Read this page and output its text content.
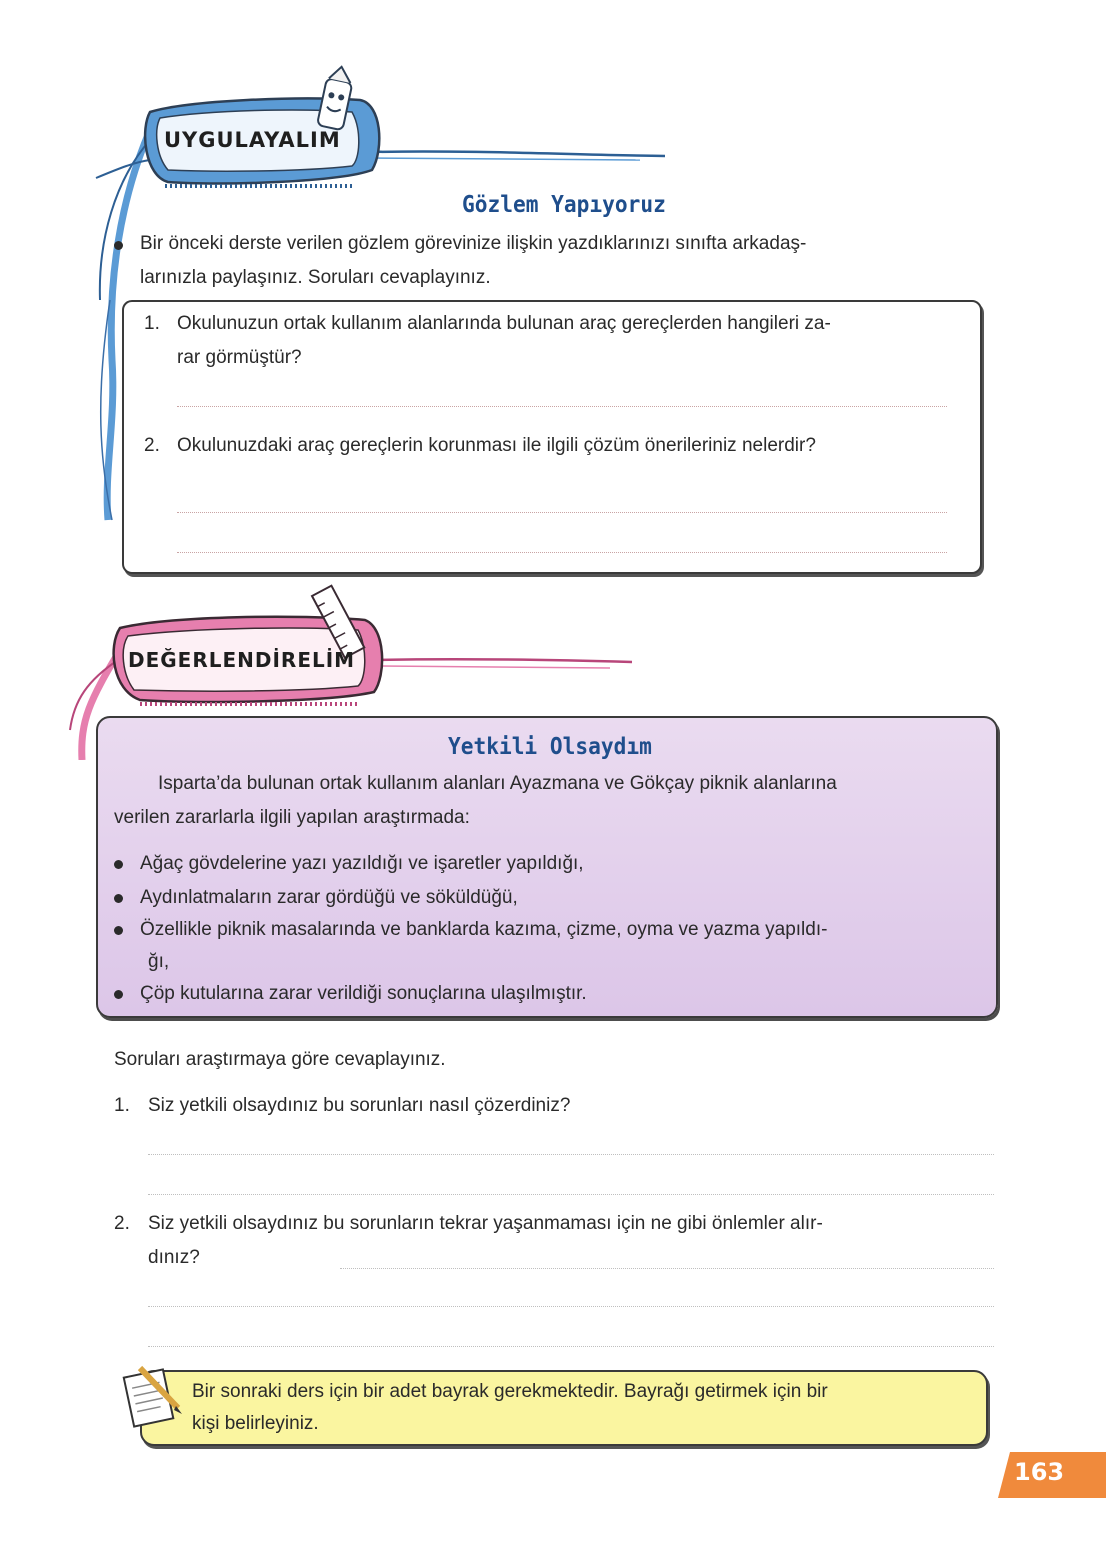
UYGULAYALIM
Gözlem Yapıyoruz
Bir önceki derste verilen gözlem görevinize ilişkin yazdıklarınızı sınıfta arkadaş-
larınızla paylaşınız. Soruları cevaplayınız.
1. Okulunuzun ortak kullanım alanlarında bulunan araç gereçlerden hangileri za-
rar görmüştür?
2. Okulunuzdaki araç gereçlerin korunması ile ilgili çözüm önerileriniz nelerdir?
DEĞERLENDİRELİM
Yetkili Olsaydım
Isparta’da bulunan ortak kullanım alanları Ayazmana ve Gökçay piknik alanlarına
verilen zararlarla ilgili yapılan araştırmada:
Ağaç gövdelerine yazı yazıldığı ve işaretler yapıldığı,
Aydınlatmaların zarar gördüğü ve söküldüğü,
Özellikle piknik masalarında ve banklarda kazıma, çizme, oyma ve yazma yapıldı-
ğı,
Çöp kutularına zarar verildiği sonuçlarına ulaşılmıştır.
Soruları araştırmaya göre cevaplayınız.
1. Siz yetkili olsaydınız bu sorunları nasıl çözerdiniz?
2. Siz yetkili olsaydınız bu sorunların tekrar yaşanmaması için ne gibi önlemler alır-
dınız?
Bir sonraki ders için bir adet bayrak gerekmektedir. Bayrağı getirmek için bir
kişi belirleyiniz.
163
